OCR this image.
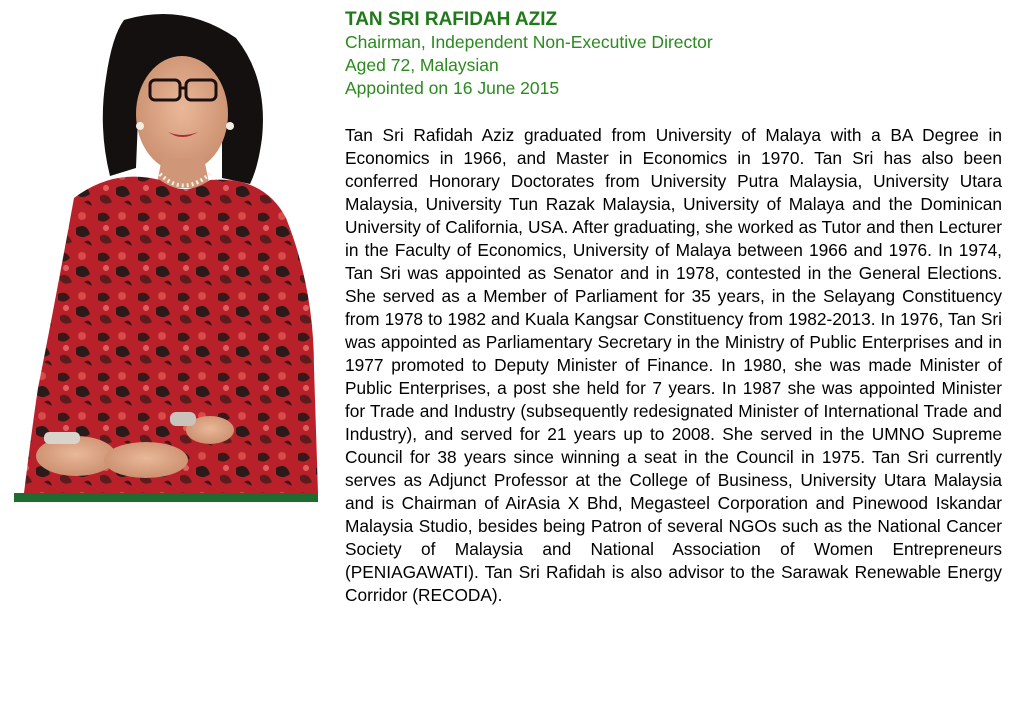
TAN SRI RAFIDAH AZIZ
Chairman, Independent Non-Executive Director
Aged 72, Malaysian
Appointed on 16 June 2015

Tan Sri Rafidah Aziz graduated from University of Malaya with a BA Degree in Economics in 1966, and Master in Economics in 1970. Tan Sri has also been conferred Honorary Doctorates from University Putra Malaysia, University Utara Malaysia, University Tun Razak Malaysia, University of Malaya and the Dominican University of California, USA. After graduating, she worked as Tutor and then Lecturer in the Faculty of Economics, University of Malaya between 1966 and 1976. In 1974, Tan Sri was appointed as Senator and in 1978, contested in the General Elections. She served as a Member of Parliament for 35 years, in the Selayang Constituency from 1978 to 1982 and Kuala Kangsar Constituency from 1982-2013. In 1976, Tan Sri was appointed as Parliamentary Secretary in the Ministry of Public Enterprises and in 1977 promoted to Deputy Minister of Finance. In 1980, she was made Minister of Public Enterprises, a post she held for 7 years. In 1987 she was appointed Minister for Trade and Industry (subsequently redesignated Minister of International Trade and Industry), and served for 21 years up to 2008. She served in the UMNO Supreme Council for 38 years since winning a seat in the Council in 1975. Tan Sri currently serves as Adjunct Professor at the College of Business, University Utara Malaysia and is Chairman of AirAsia X Bhd, Megasteel Corporation and Pinewood Iskandar Malaysia Studio, besides being Patron of several NGOs such as the National Cancer Society of Malaysia and National Association of Women Entrepreneurs (PENIAGAWATI). Tan Sri Rafidah is also advisor to the Sarawak Renewable Energy Corridor (RECODA).
